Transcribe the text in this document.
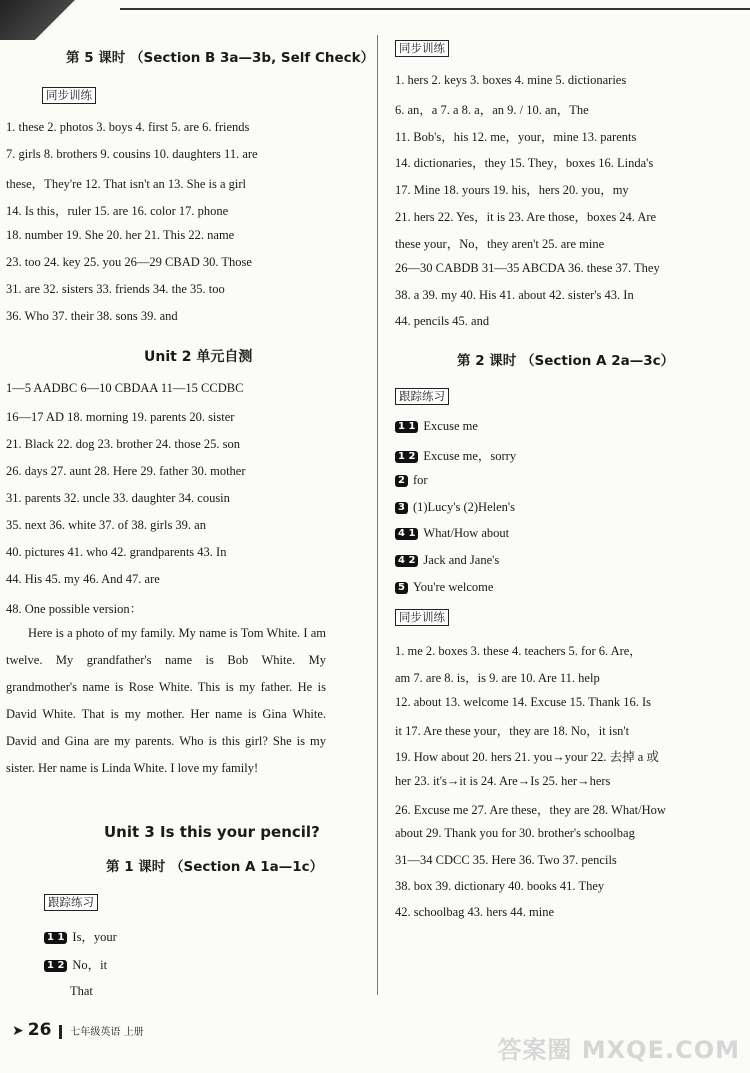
第 5 课时 （Section B 3a—3b, Self Check）
同步训练
1. these 2. photos 3. boys 4. first 5. are 6. friends
7. girls 8. brothers 9. cousins 10. daughters 11. are
these，They're 12. That isn't an 13. She is a girl
14. Is this，ruler 15. are 16. color 17. phone
18. number 19. She 20. her 21. This 22. name
23. too 24. key 25. you 26—29 CBAD 30. Those
31. are 32. sisters 33. friends 34. the 35. too
36. Who 37. their 38. sons 39. and
Unit 2 单元自测
1—5 AADBC 6—10 CBDAA 11—15 CCDBC
16—17 AD 18. morning 19. parents 20. sister
21. Black 22. dog 23. brother 24. those 25. son
26. days 27. aunt 28. Here 29. father 30. mother
31. parents 32. uncle 33. daughter 34. cousin
35. next 36. white 37. of 38. girls 39. an
40. pictures 41. who 42. grandparents 43. In
44. His 45. my 46. And 47. are
48. One possible version：
Here is a photo of my family. My name is Tom White. I am twelve. My grandfather's name is Bob White. My grandmother's name is Rose White. This is my father. He is David White. That is my mother. Her name is Gina White. David and Gina are my parents. Who is this girl? She is my sister. Her name is Linda White. I love my family!
Unit 3 Is this your pencil?
第 1 课时 （Section A 1a—1c）
跟踪练习
1 1 Is，your
1 2 No，it
That
同步训练
1. hers 2. keys 3. boxes 4. mine 5. dictionaries
6. an，a 7. a 8. a，an 9. / 10. an，The
11. Bob's，his 12. me，your，mine 13. parents
14. dictionaries，they 15. They，boxes 16. Linda's
17. Mine 18. yours 19. his，hers 20. you，my
21. hers 22. Yes，it is 23. Are those，boxes 24. Are
these your，No，they aren't 25. are mine
26—30 CABDB 31—35 ABCDA 36. these 37. They
38. a 39. my 40. His 41. about 42. sister's 43. In
44. pencils 45. and
第 2 课时 （Section A 2a—3c）
跟踪练习
1 1 Excuse me
1 2 Excuse me，sorry
2 for
3 (1)Lucy's (2)Helen's
4 1 What/How about
4 2 Jack and Jane's
5 You're welcome
同步训练
1. me 2. boxes 3. these 4. teachers 5. for 6. Are，
am 7. are 8. is，is 9. are 10. Are 11. help
12. about 13. welcome 14. Excuse 15. Thank 16. Is
it 17. Are these your，they are 18. No，it isn't
19. How about 20. hers 21. you→your 22. 去掉 a 或
her 23. it's→it is 24. Are→Is 25. her→hers
26. Excuse me 27. Are these，they are 28. What/How
about 29. Thank you for 30. brother's schoolbag
31—34 CDCC 35. Here 36. Two 37. pencils
38. box 39. dictionary 40. books 41. They
42. schoolbag 43. hers 44. mine
➤ 26 七年级英语 上册
答案圈 MXQE.COM
